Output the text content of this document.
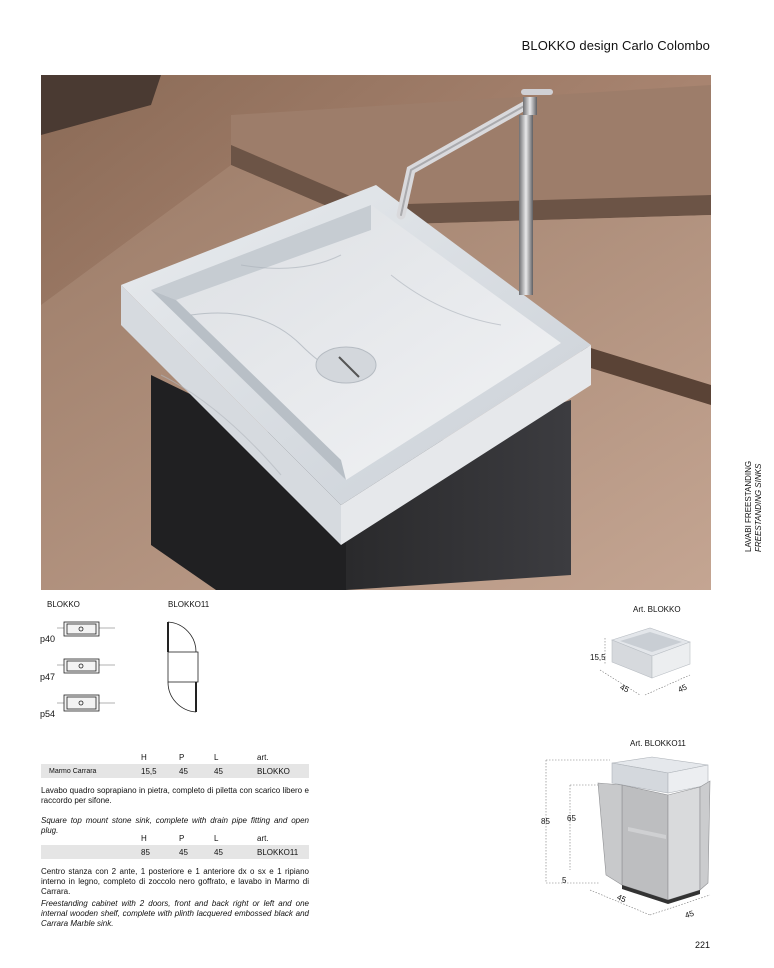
BLOKKO design Carlo Colombo
LAVABI FREESTANDING FREESTANDING SINKS
BLOKKO	BLOKKO11
p40
p47
p54
Art. BLOKKO
15,5
45	45
Art. BLOKKO11
85 65
5
45
45
	H	P	L	art.
Marmo Carrara	15,5	45	45	BLOKKO
Lavabo quadro soprapiano in pietra, completo di piletta con scarico libero e raccordo per sifone.
Square top mount stone sink, complete with drain pipe fitting and open plug.
	H	P	L	art.
	85	45	45	BLOKKO11
Centro stanza con 2 ante, 1 posteriore e 1 anteriore dx o sx e 1 ripiano interno in legno, completo di zoccolo nero goffrato, e lavabo in Marmo di Carrara.
Freestanding cabinet with 2 doors, front and back right or left and one internal wooden shelf, complete with plinth lacquered embossed black and Carrara Marble sink.
221
